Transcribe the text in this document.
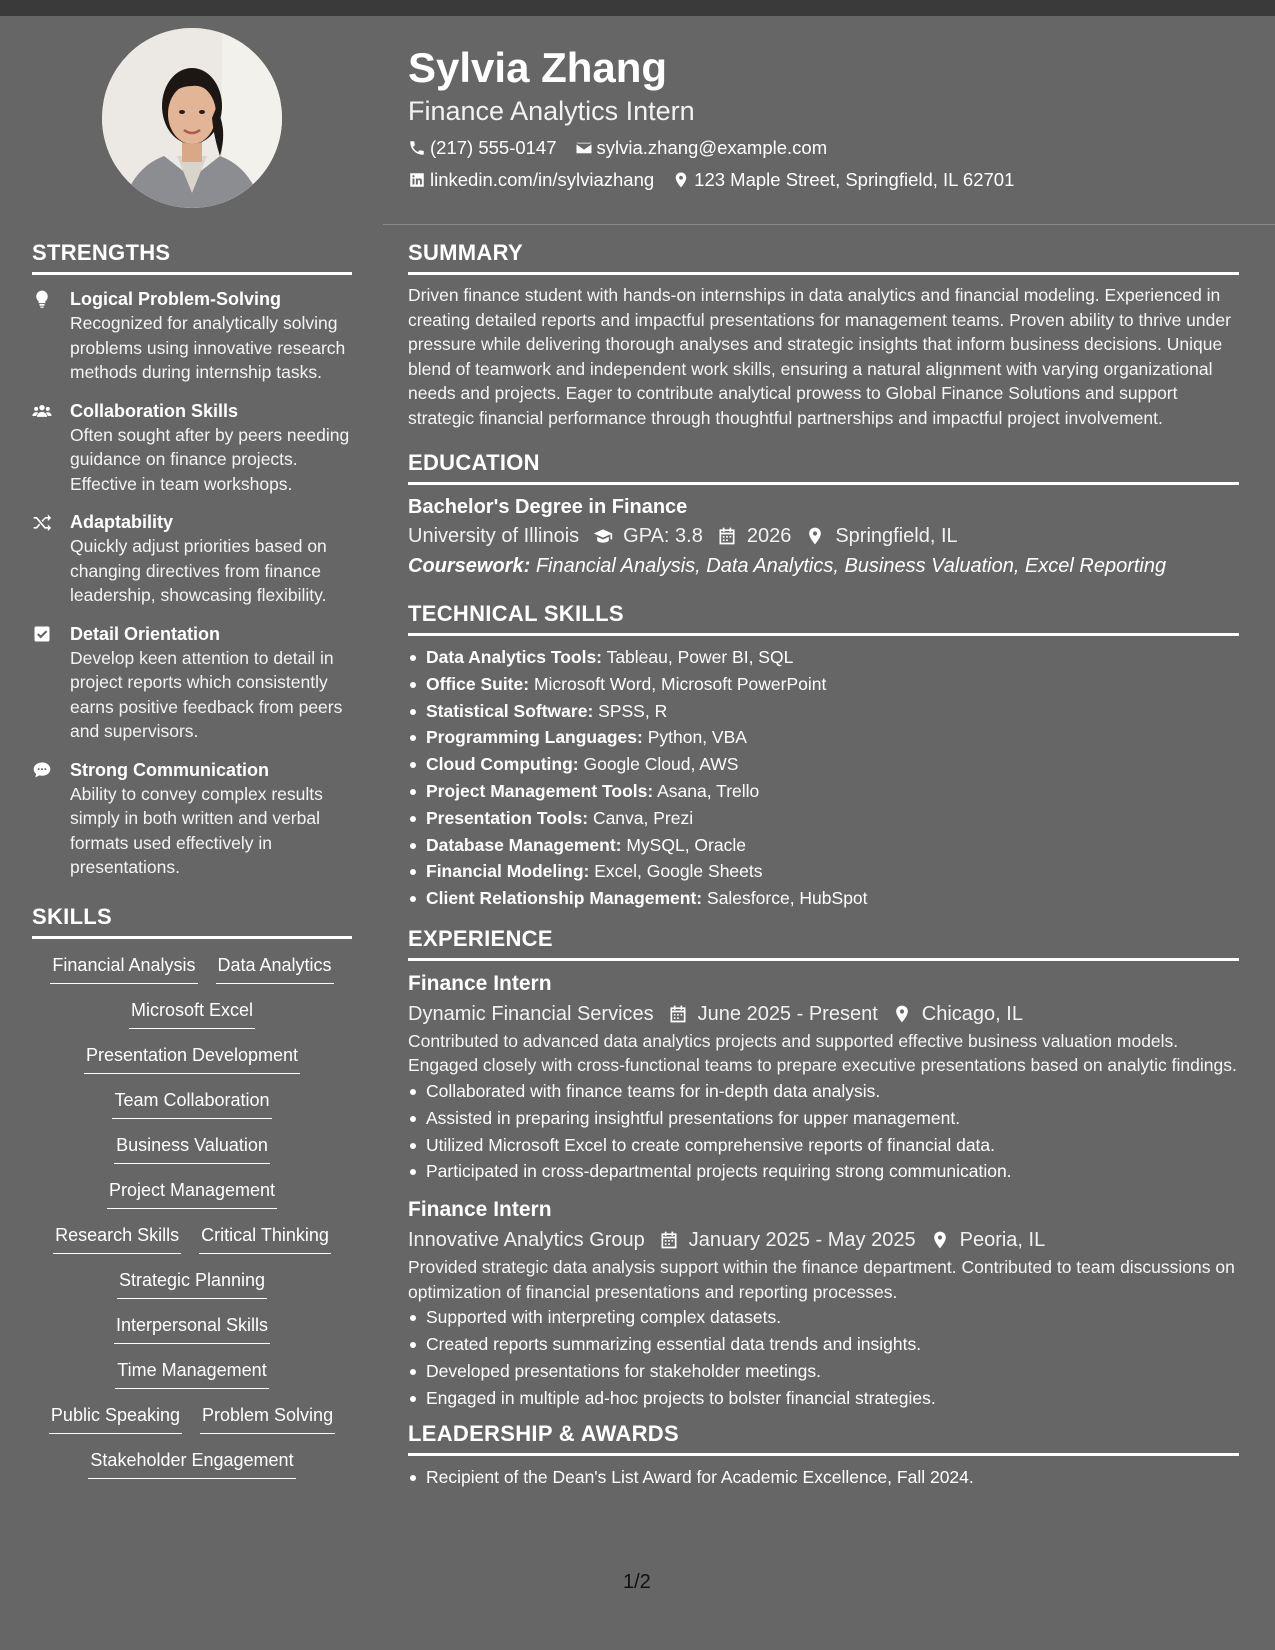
Sylvia Zhang
Finance Analytics Intern
(217) 555-0147 sylvia.zhang@example.com
linkedin.com/in/sylviazhang 123 Maple Street, Springfield, IL 62701
STRENGTHS
Logical Problem-Solving
Recognized for analytically solving problems using innovative research methods during internship tasks.
Collaboration Skills
Often sought after by peers needing guidance on finance projects. Effective in team workshops.
Adaptability
Quickly adjust priorities based on changing directives from finance leadership, showcasing flexibility.
Detail Orientation
Develop keen attention to detail in project reports which consistently earns positive feedback from peers and supervisors.
Strong Communication
Ability to convey complex results simply in both written and verbal formats used effectively in presentations.
SKILLS
Financial Analysis Data Analytics
Microsoft Excel
Presentation Development
Team Collaboration
Business Valuation
Project Management
Research Skills Critical Thinking
Strategic Planning
Interpersonal Skills
Time Management
Public Speaking Problem Solving
Stakeholder Engagement
SUMMARY
Driven finance student with hands-on internships in data analytics and financial modeling. Experienced in creating detailed reports and impactful presentations for management teams. Proven ability to thrive under pressure while delivering thorough analyses and strategic insights that inform business decisions. Unique blend of teamwork and independent work skills, ensuring a natural alignment with varying organizational needs and projects. Eager to contribute analytical prowess to Global Finance Solutions and support strategic financial performance through thoughtful partnerships and impactful project involvement.
EDUCATION
Bachelor's Degree in Finance
University of Illinois GPA: 3.8 2026 Springfield, IL
Coursework: Financial Analysis, Data Analytics, Business Valuation, Excel Reporting
TECHNICAL SKILLS
Data Analytics Tools: Tableau, Power BI, SQL
Office Suite: Microsoft Word, Microsoft PowerPoint
Statistical Software: SPSS, R
Programming Languages: Python, VBA
Cloud Computing: Google Cloud, AWS
Project Management Tools: Asana, Trello
Presentation Tools: Canva, Prezi
Database Management: MySQL, Oracle
Financial Modeling: Excel, Google Sheets
Client Relationship Management: Salesforce, HubSpot
EXPERIENCE
Finance Intern
Dynamic Financial Services June 2025 - Present Chicago, IL
Contributed to advanced data analytics projects and supported effective business valuation models. Engaged closely with cross-functional teams to prepare executive presentations based on analytic findings.
Collaborated with finance teams for in-depth data analysis.
Assisted in preparing insightful presentations for upper management.
Utilized Microsoft Excel to create comprehensive reports of financial data.
Participated in cross-departmental projects requiring strong communication.
Finance Intern
Innovative Analytics Group January 2025 - May 2025 Peoria, IL
Provided strategic data analysis support within the finance department. Contributed to team discussions on optimization of financial presentations and reporting processes.
Supported with interpreting complex datasets.
Created reports summarizing essential data trends and insights.
Developed presentations for stakeholder meetings.
Engaged in multiple ad-hoc projects to bolster financial strategies.
LEADERSHIP & AWARDS
Recipient of the Dean's List Award for Academic Excellence, Fall 2024.
1/2
